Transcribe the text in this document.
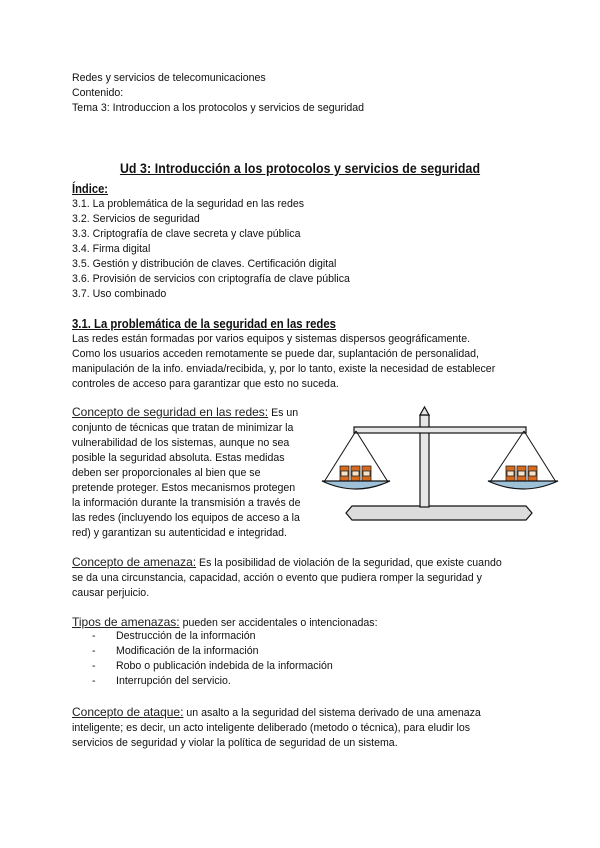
Redes y servicios de telecomunicaciones
Contenido:
Tema 3: Introduccion a los protocolos y servicios de seguridad
Ud 3: Introducción a los protocolos y servicios de seguridad
Índice:
3.1. La problemática de la seguridad en las redes
3.2. Servicios de seguridad
3.3. Criptografía de clave secreta y clave pública
3.4. Firma digital
3.5. Gestión y distribución de claves. Certificación digital
3.6. Provisión de servicios con criptografía de clave pública
3.7. Uso combinado
3.1. La problemática de la seguridad en las redes
Las redes están formadas por varios equipos y sistemas dispersos geográficamente.
Como los usuarios acceden remotamente se puede dar, suplantación de personalidad,
manipulación de la info. enviada/recibida, y, por lo tanto, existe la necesidad de establecer
controles de acceso para garantizar que esto no suceda.
Concepto de seguridad en las redes: Es un
conjunto de técnicas que tratan de minimizar la
vulnerabilidad de los sistemas, aunque no sea
posible la seguridad absoluta. Estas medidas
deben ser proporcionales al bien que se
pretende proteger. Estos mecanismos protegen
la información durante la transmisión a través de
las redes (incluyendo los equipos de acceso a la
red) y garantizan su autenticidad e integridad.
Concepto de amenaza: Es la posibilidad de violación de la seguridad, que existe cuando
se da una circunstancia, capacidad, acción o evento que pudiera romper la seguridad y
causar perjuicio.
Tipos de amenazas: pueden ser accidentales o intencionadas:
- Destrucción de la información
- Modificación de la información
- Robo o publicación indebida de la información
- Interrupción del servicio.
Concepto de ataque: un asalto a la seguridad del sistema derivado de una amenaza
inteligente; es decir, un acto inteligente deliberado (metodo o técnica), para eludir los
servicios de seguridad y violar la política de seguridad de un sistema.
